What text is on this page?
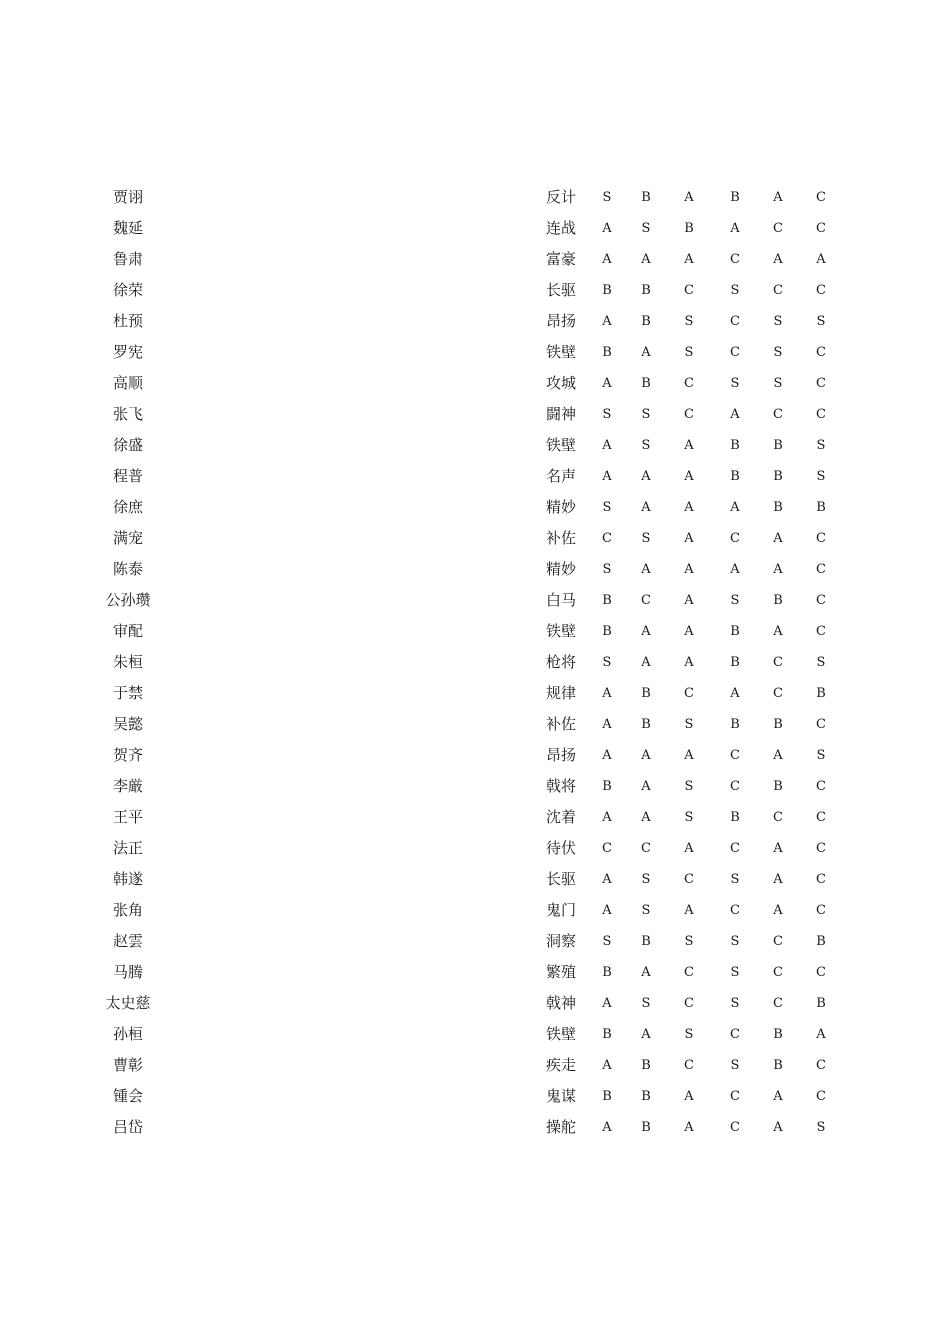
贾诩	反计	S	B	A	B	A	C
魏延	连战	A	S	B	A	C	C
鲁肃	富豪	A	A	A	C	A	A
徐荣	长驱	B	B	C	S	C	C
杜预	昂扬	A	B	S	C	S	S
罗宪	铁壁	B	A	S	C	S	C
高顺	攻城	A	B	C	S	S	C
张飞	闘神	S	S	C	A	C	C
徐盛	铁壁	A	S	A	B	B	S
程普	名声	A	A	A	B	B	S
徐庶	精妙	S	A	A	A	B	B
满宠	补佐	C	S	A	C	A	C
陈泰	精妙	S	A	A	A	A	C
公孙瓒	白马	B	C	A	S	B	C
审配	铁壁	B	A	A	B	A	C
朱桓	枪将	S	A	A	B	C	S
于禁	规律	A	B	C	A	C	B
吴懿	补佐	A	B	S	B	B	C
贺齐	昂扬	A	A	A	C	A	S
李厳	戟将	B	A	S	C	B	C
王平	沈着	A	A	S	B	C	C
法正	待伏	C	C	A	C	A	C
韩遂	长驱	A	S	C	S	A	C
张角	鬼门	A	S	A	C	A	C
赵雲	洞察	S	B	S	S	C	B
马腾	繁殖	B	A	C	S	C	C
太史慈	戟神	A	S	C	S	C	B
孙桓	铁壁	B	A	S	C	B	A
曹彰	疾走	A	B	C	S	B	C
锺会	鬼谋	B	B	A	C	A	C
吕岱	操舵	A	B	A	C	A	S
